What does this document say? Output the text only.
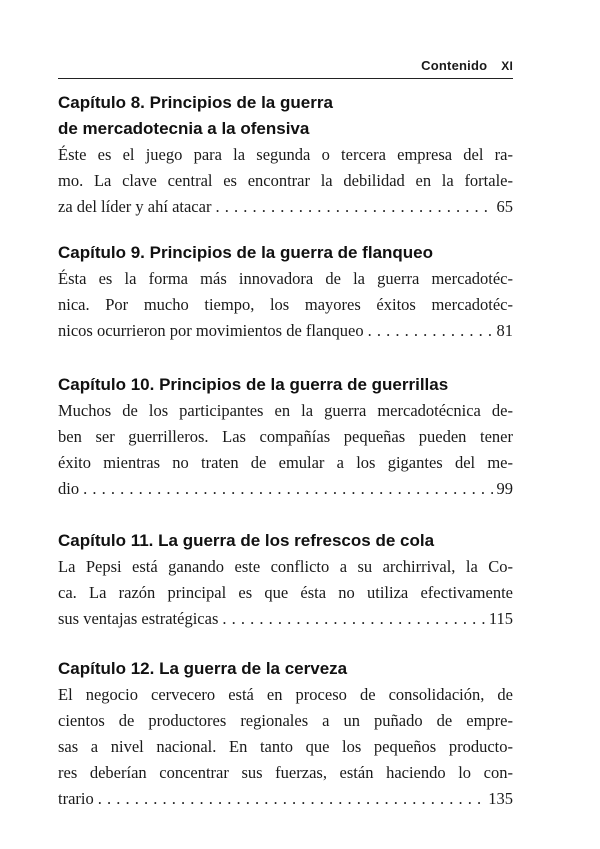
Contenido XI

Capítulo 8. Principios de la guerra
de mercadotecnia a la ofensiva

Éste es el juego para la segunda o tercera empresa del ra-
mo. La clave central es encontrar la debilidad en la fortale-
za del líder y ahí atacar . . .	65

Capítulo 9. Principios de la guerra de flanqueo

Ésta es la forma más innovadora de la guerra mercadotéc-
nica. Por mucho tiempo, los mayores éxitos mercadotéc-
nicos ocurrieron por movimientos de flanqueo . . .	81

Capítulo 10. Principios de la guerra de guerrillas

Muchos de los participantes en la guerra mercadotécnica de-
ben ser guerrilleros. Las compañías pequeñas pueden tener
éxito mientras no traten de emular a los gigantes del me-
dio . . .	99

Capítulo 11. La guerra de los refrescos de cola

La Pepsi está ganando este conflicto a su archirrival, la Co-
ca. La razón principal es que ésta no utiliza efectivamente
sus ventajas estratégicas . . .	115

Capítulo 12. La guerra de la cerveza

El negocio cervecero está en proceso de consolidación, de
cientos de productores regionales a un puñado de empre-
sas a nivel nacional. En tanto que los pequeños producto-
res deberían concentrar sus fuerzas, están haciendo lo con-
trario . . .	135
